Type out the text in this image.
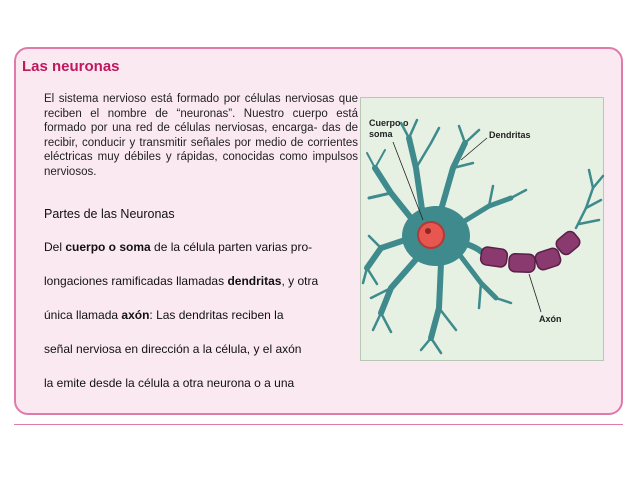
Las neuronas

El sistema nervioso está formado por células nerviosas que reciben el nombre de “neuronas”. Nuestro cuerpo está formado por una red de células nerviosas, encarga- das de recibir, conducir y transmitir señales por medio de corrientes eléctricas muy débiles y rápidas, conocidas como impulsos nerviosos.

Partes de las Neuronas

Del cuerpo o soma de la célula parten varias pro-

longaciones ramificadas llamadas dendritas, y otra

única llamada axón: Las dendritas reciben la

señal nerviosa en dirección a la célula, y el axón

la emite desde la célula a otra neurona o a una

Cuerpo o

soma	Dendritas

Axón
